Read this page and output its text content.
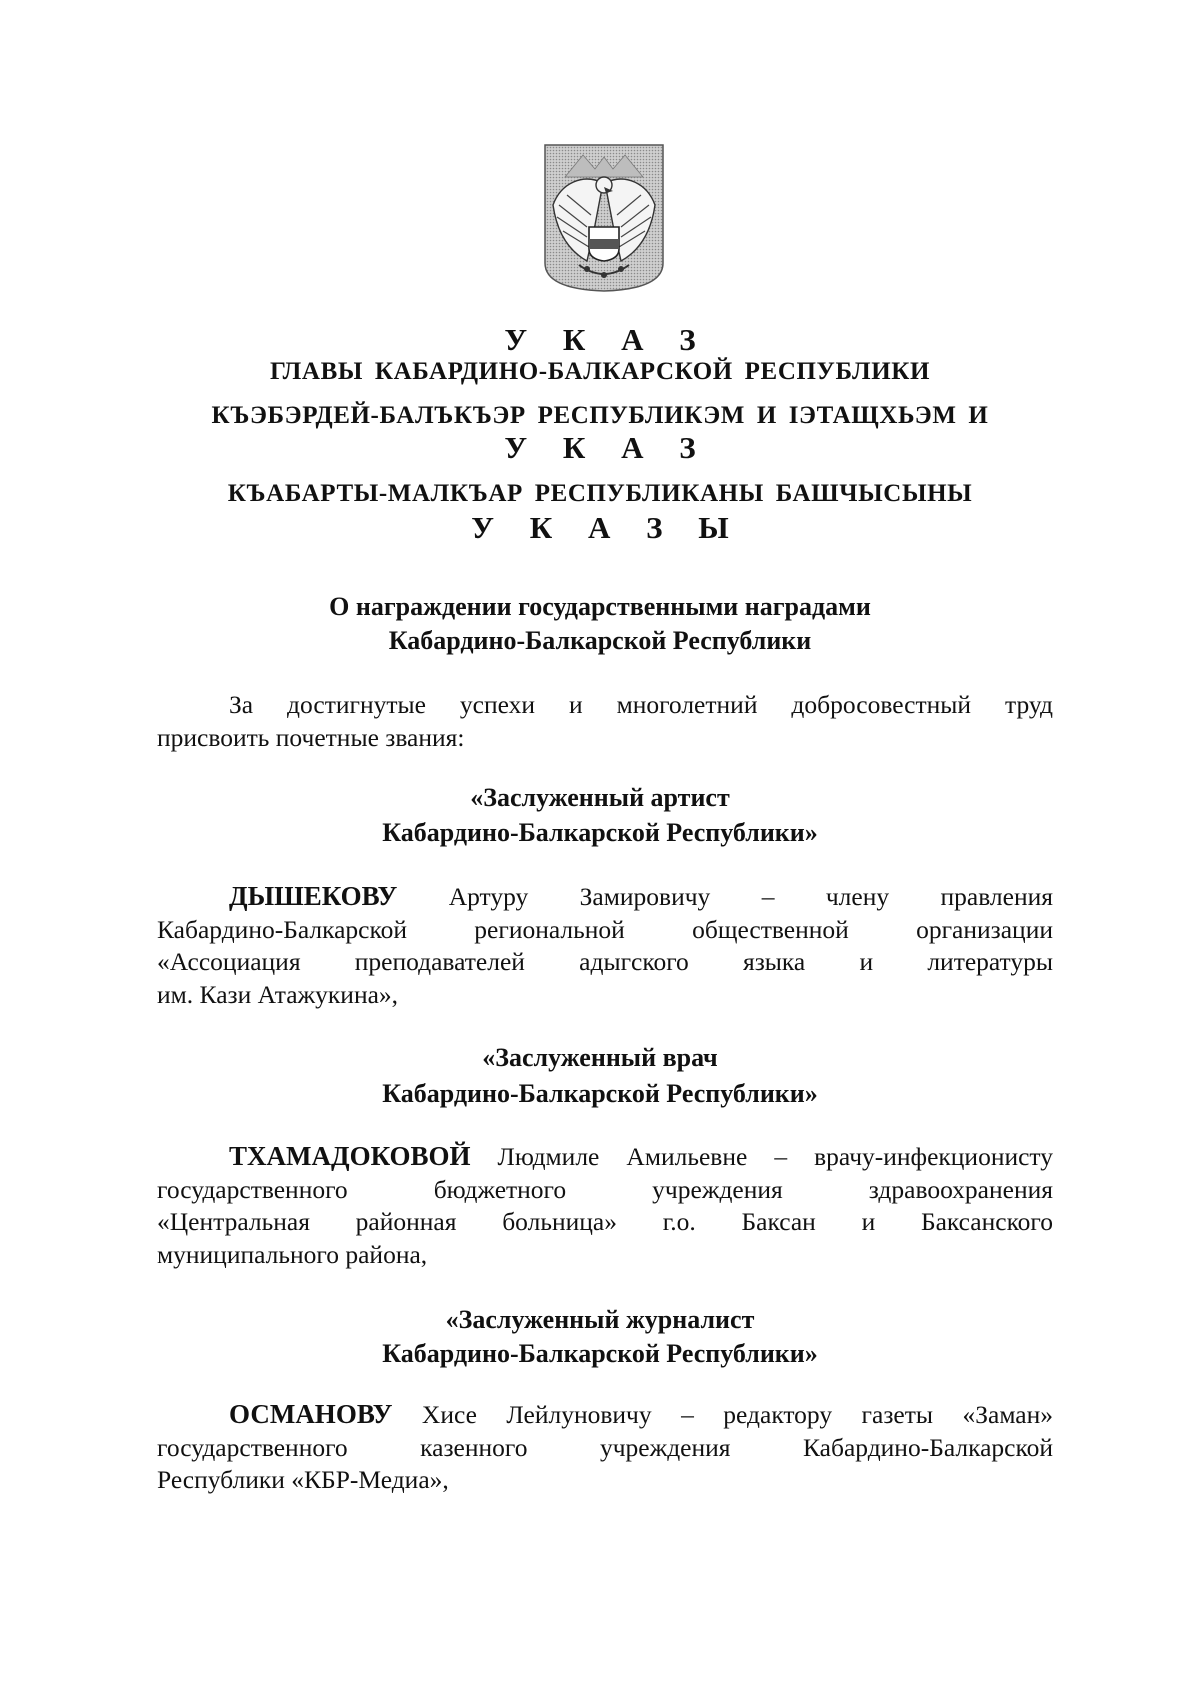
У К А З
ГЛАВЫ КАБАРДИНО-БАЛКАРСКОЙ РЕСПУБЛИКИ
КЪЭБЭРДЕЙ-БАЛЪКЪЭР РЕСПУБЛИКЭМ И ІЭТАЩХЬЭМ И
У К А З
КЪАБАРТЫ-МАЛКЪАР РЕСПУБЛИКАНЫ БАШЧЫСЫНЫ
У К А З Ы
О награждении государственными наградами
Кабардино-Балкарской Республики
За достигнутые успехи и многолетний добросовестный труд
присвоить почетные звания:
«Заслуженный артист
Кабардино-Балкарской Республики»
ДЫШЕКОВУ Артуру Замировичу – члену правления
Кабардино-Балкарской региональной общественной организации
«Ассоциация преподавателей адыгского языка и литературы
им. Кази Атажукина»,
«Заслуженный врач
Кабардино-Балкарской Республики»
ТХАМАДОКОВОЙ Людмиле Амильевне – врачу-инфекционисту
государственного бюджетного учреждения здравоохранения
«Центральная районная больница» г.о. Баксан и Баксанского
муниципального района,
«Заслуженный журналист
Кабардино-Балкарской Республики»
ОСМАНОВУ Хисе Лейлуновичу – редактору газеты «Заман»
государственного казенного учреждения Кабардино-Балкарской
Республики «КБР-Медиа»,
